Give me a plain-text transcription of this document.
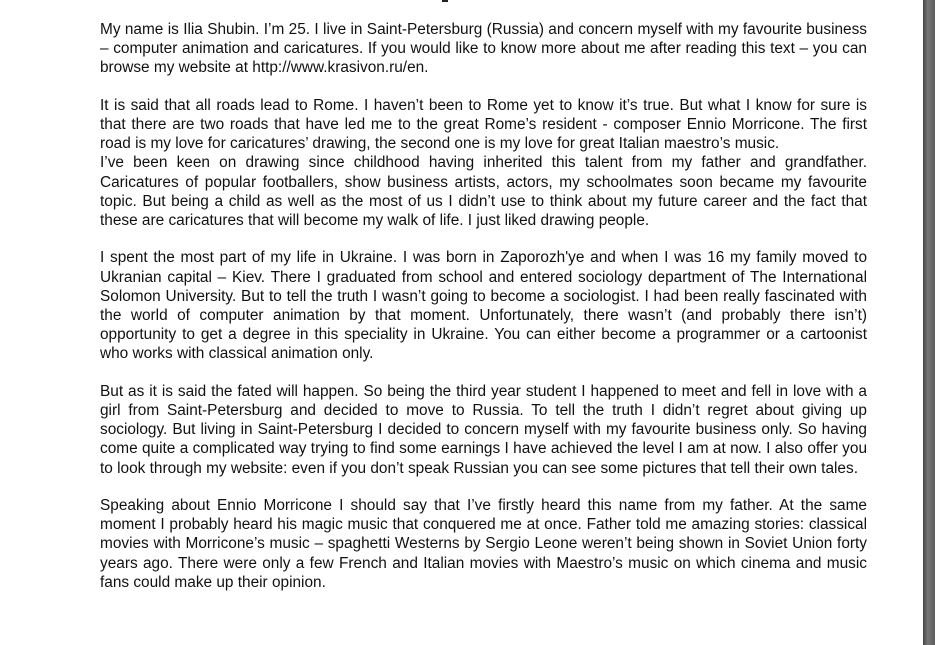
My name is Ilia Shubin. I’m 25. I live in Saint-Petersburg (Russia) and concern myself with my favourite business – computer animation and caricatures. If you would like to know more about me after reading this text – you can browse my website at http://www.krasivon.ru/en.

It is said that all roads lead to Rome. I haven’t been to Rome yet to know it’s true. But what I know for sure is that there are two roads that have led me to the great Rome’s resident - composer Ennio Morricone. The first road is my love for caricatures’ drawing, the second one is my love for great Italian maestro’s music.

I’ve been keen on drawing since childhood having inherited this talent from my father and grandfather. Caricatures of popular footballers, show business artists, actors, my schoolmates soon became my favourite topic. But being a child as well as the most of us I didn’t use to think about my future career and the fact that these are caricatures that will become my walk of life. I just liked drawing people.

I spent the most part of my life in Ukraine. I was born in Zaporozh'ye and when I was 16 my family moved to Ukranian capital – Kiev. There I graduated from school and entered sociology department of The International Solomon University. But to tell the truth I wasn’t going to become a sociologist. I had been really fascinated with the world of computer animation by that moment. Unfortunately, there wasn’t (and probably there isn’t) opportunity to get a degree in this speciality in Ukraine. You can either become a programmer or a cartoonist who works with classical animation only.

But as it is said the fated will happen. So being the third year student I happened to meet and fell in love with a girl from Saint-Petersburg and decided to move to Russia. To tell the truth I didn’t regret about giving up sociology. But living in Saint-Petersburg I decided to concern myself with my favourite business only. So having come quite a complicated way trying to find some earnings I have achieved the level I am at now. I also offer you to look through my website: even if you don’t speak Russian you can see some pictures that tell their own tales.

Speaking about Ennio Morricone I should say that I’ve firstly heard this name from my father. At the same moment I probably heard his magic music that conquered me at once. Father told me amazing stories: classical movies with Morricone’s music – spaghetti Westerns by Sergio Leone weren’t being shown in Soviet Union forty years ago. There were only a few French and Italian movies with Maestro’s music on which cinema and music fans could make up their opinion.
